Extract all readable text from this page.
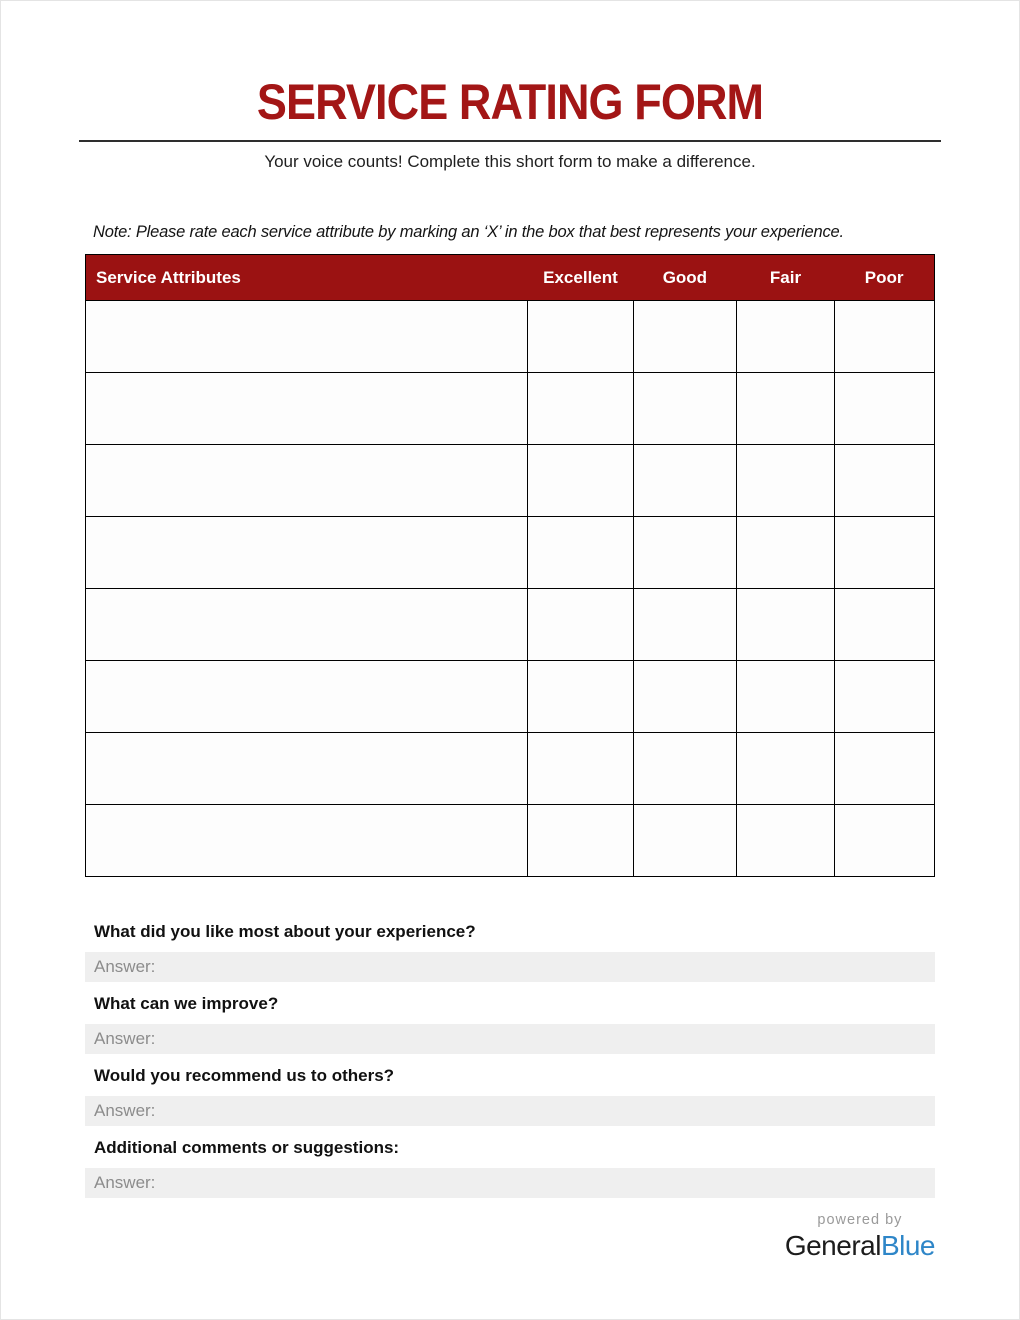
SERVICE RATING FORM
Your voice counts! Complete this short form to make a difference.
Note: Please rate each service attribute by marking an ‘X’ in the box that best represents your experience.
Service Attributes	Excellent	Good	Fair	Poor

What did you like most about your experience?
Answer:
What can we improve?
Answer:
Would you recommend us to others?
Answer:
Additional comments or suggestions:
Answer:
powered by
GeneralBlue
